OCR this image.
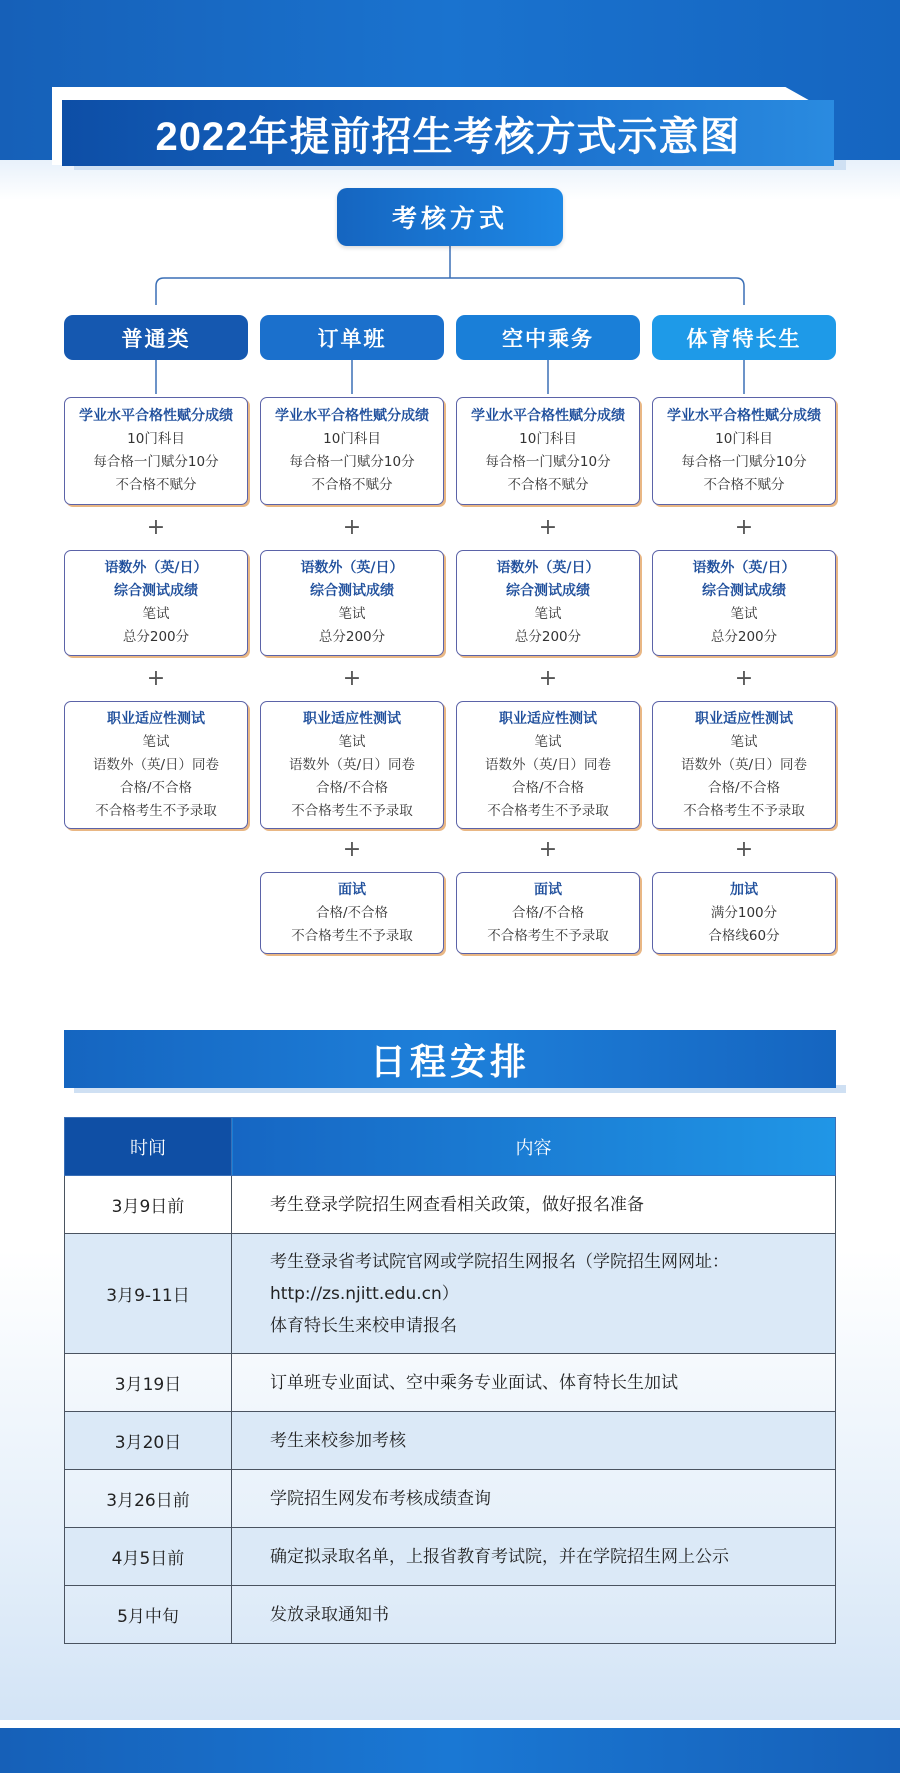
2022年提前招生考核方式示意图
考核方式
普通类
学业水平合格性赋分成绩
10门科目
每合格一门赋分10分
不合格不赋分
+
语数外（英/日）
综合测试成绩
笔试
总分200分
+
职业适应性测试
笔试
语数外（英/日）同卷
合格/不合格
不合格考生不予录取
订单班
学业水平合格性赋分成绩
10门科目
每合格一门赋分10分
不合格不赋分
+
语数外（英/日）
综合测试成绩
笔试
总分200分
+
职业适应性测试
笔试
语数外（英/日）同卷
合格/不合格
不合格考生不予录取
+
面试
合格/不合格
不合格考生不予录取
空中乘务
学业水平合格性赋分成绩
10门科目
每合格一门赋分10分
不合格不赋分
+
语数外（英/日）
综合测试成绩
笔试
总分200分
+
职业适应性测试
笔试
语数外（英/日）同卷
合格/不合格
不合格考生不予录取
+
面试
合格/不合格
不合格考生不予录取
体育特长生
学业水平合格性赋分成绩
10门科目
每合格一门赋分10分
不合格不赋分
+
语数外（英/日）
综合测试成绩
笔试
总分200分
+
职业适应性测试
笔试
语数外（英/日）同卷
合格/不合格
不合格考生不予录取
+
加试
满分100分
合格线60分
日程安排
时间	内容
3月9日前	考生登录学院招生网查看相关政策，做好报名准备
3月9-11日	考生登录省考试院官网或学院招生网报名（学院招生网网址：
http://zs.njitt.edu.cn）
体育特长生来校申请报名

3月19日	订单班专业面试、空中乘务专业面试、体育特长生加试
3月20日	考生来校参加考核
3月26日前	学院招生网发布考核成绩查询
4月5日前	确定拟录取名单，上报省教育考试院，并在学院招生网上公示
5月中旬	发放录取通知书
